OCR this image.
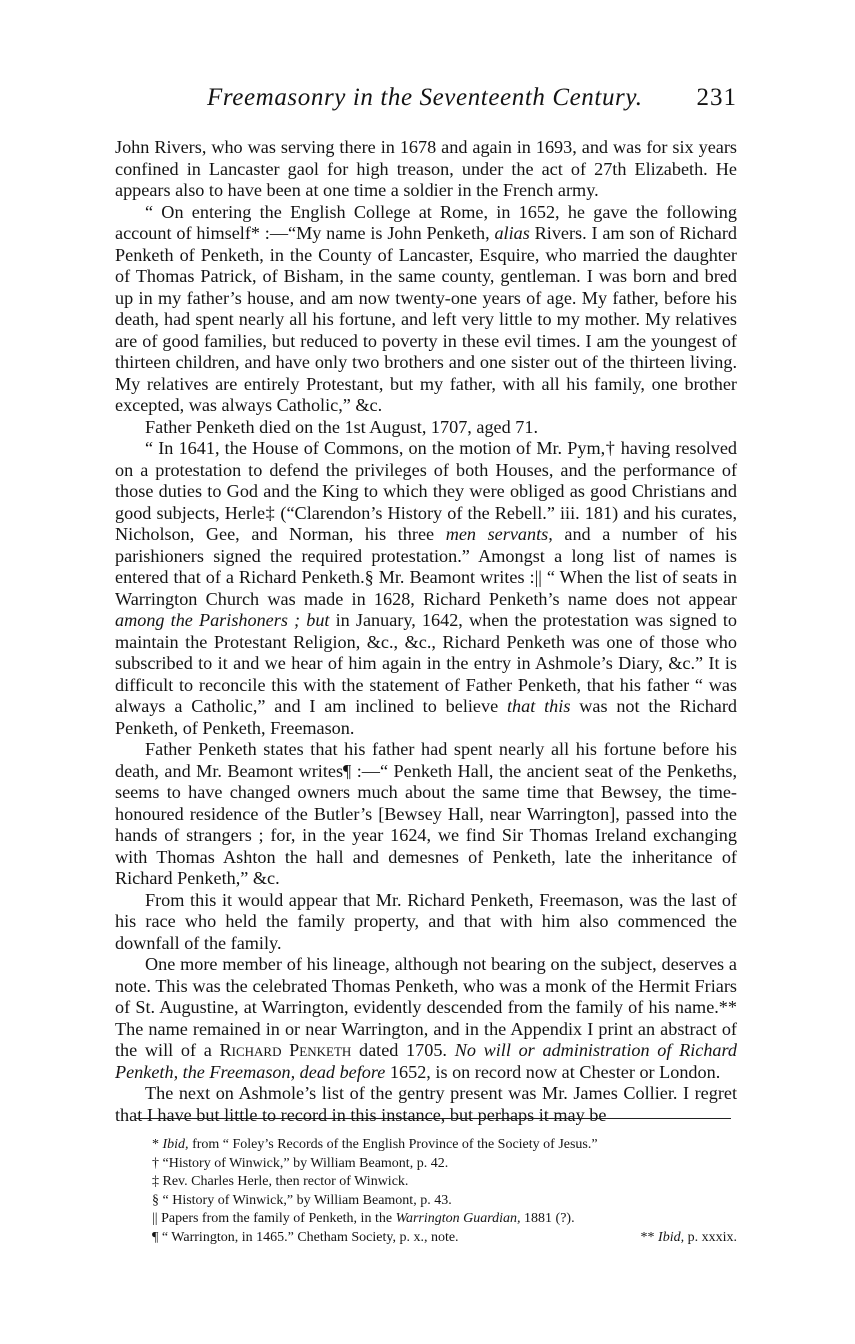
Freemasonry in the Seventeenth Century. 231

John Rivers, who was serving there in 1678 and again in 1693, and was for six years confined in Lancaster gaol for high treason, under the act of 27th Elizabeth. He appears also to have been at one time a soldier in the French army.

“ On entering the English College at Rome, in 1652, he gave the following account of himself* :—“My name is John Penketh, alias Rivers. I am son of Richard Penketh of Penketh, in the County of Lancaster, Esquire, who married the daughter of Thomas Patrick, of Bisham, in the same county, gentleman. I was born and bred up in my father’s house, and am now twenty-one years of age. My father, before his death, had spent nearly all his fortune, and left very little to my mother. My relatives are of good families, but reduced to poverty in these evil times. I am the youngest of thirteen children, and have only two brothers and one sister out of the thirteen living. My relatives are entirely Protestant, but my father, with all his family, one brother excepted, was always Catholic,” &c.

Father Penketh died on the 1st August, 1707, aged 71.

“ In 1641, the House of Commons, on the motion of Mr. Pym,† having resolved on a protestation to defend the privileges of both Houses, and the performance of those duties to God and the King to which they were obliged as good Christians and good subjects, Herle‡ (“Clarendon’s History of the Rebell.” iii. 181) and his curates, Nicholson, Gee, and Norman, his three men servants, and a number of his parishioners signed the required protestation.” Amongst a long list of names is entered that of a Richard Penketh.§ Mr. Beamont writes :|| “ When the list of seats in Warrington Church was made in 1628, Richard Penketh’s name does not appear among the Parishoners ; but in January, 1642, when the protestation was signed to maintain the Protestant Religion, &c., &c., Richard Penketh was one of those who subscribed to it and we hear of him again in the entry in Ashmole’s Diary, &c.” It is difficult to reconcile this with the statement of Father Penketh, that his father “ was always a Catholic,” and I am inclined to believe that this was not the Richard Penketh, of Penketh, Freemason.

Father Penketh states that his father had spent nearly all his fortune before his death, and Mr. Beamont writes¶ :—“ Penketh Hall, the ancient seat of the Penkeths, seems to have changed owners much about the same time that Bewsey, the time-honoured residence of the Butler’s [Bewsey Hall, near Warrington], passed into the hands of strangers ; for, in the year 1624, we find Sir Thomas Ireland exchanging with Thomas Ashton the hall and demesnes of Penketh, late the inheritance of Richard Penketh,” &c.

From this it would appear that Mr. Richard Penketh, Freemason, was the last of his race who held the family property, and that with him also commenced the downfall of the family.

One more member of his lineage, although not bearing on the subject, deserves a note. This was the celebrated Thomas Penketh, who was a monk of the Hermit Friars of St. Augustine, at Warrington, evidently descended from the family of his name.** The name remained in or near Warrington, and in the Appendix I print an abstract of the will of a Richard Penketh dated 1705. No will or administration of Richard Penketh, the Freemason, dead before 1652, is on record now at Chester or London.

The next on Ashmole’s list of the gentry present was Mr. James Collier. I regret that I have but little to record in this instance, but perhaps it may be

* Ibid, from “ Foley’s Records of the English Province of the Society of Jesus.”

† “History of Winwick,” by William Beamont, p. 42.

‡ Rev. Charles Herle, then rector of Winwick.

§ “ History of Winwick,” by William Beamont, p. 43.

|| Papers from the family of Penketh, in the Warrington Guardian, 1881 (?).

¶ “ Warrington, in 1465.” Chetham Society, p. x., note.	** Ibid, p. xxxix.
